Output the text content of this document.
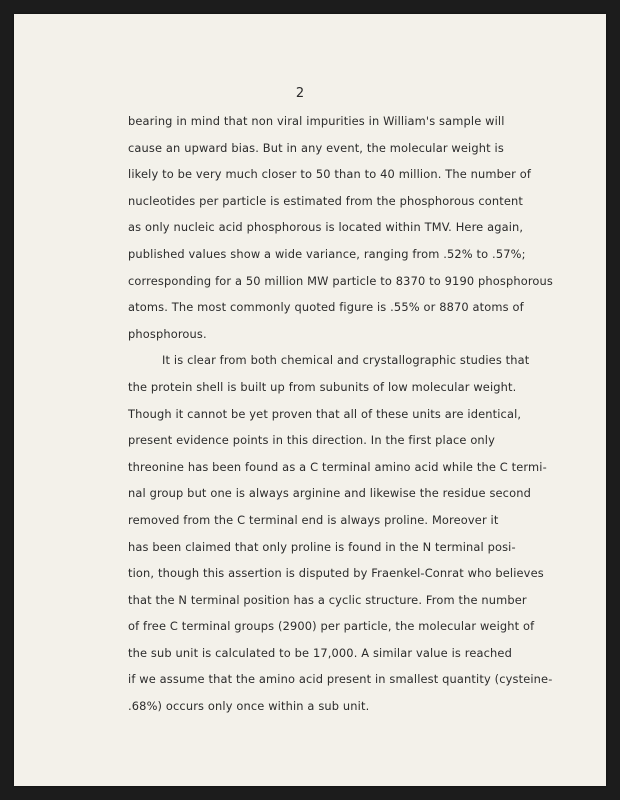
2
bearing in mind that non viral impurities in William's sample will
cause an upward bias. But in any event, the molecular weight is
likely to be very much closer to 50 than to 40 million. The number of
nucleotides per particle is estimated from the phosphorous content
as only nucleic acid phosphorous is located within TMV. Here again,
published values show a wide variance, ranging from .52% to .57%;
corresponding for a 50 million MW particle to 8370 to 9190 phosphorous
atoms. The most commonly quoted figure is .55% or 8870 atoms of
phosphorous.
It is clear from both chemical and crystallographic studies that
the protein shell is built up from subunits of low molecular weight.
Though it cannot be yet proven that all of these units are identical,
present evidence points in this direction. In the first place only
threonine has been found as a C terminal amino acid while the C termi-
nal group but one is always arginine and likewise the residue second
removed from the C terminal end is always proline. Moreover it
has been claimed that only proline is found in the N terminal posi-
tion, though this assertion is disputed by Fraenkel-Conrat who believes
that the N terminal position has a cyclic structure. From the number
of free C terminal groups (2900) per particle, the molecular weight of
the sub unit is calculated to be 17,000. A similar value is reached
if we assume that the amino acid present in smallest quantity (cysteine-
.68%) occurs only once within a sub unit.
